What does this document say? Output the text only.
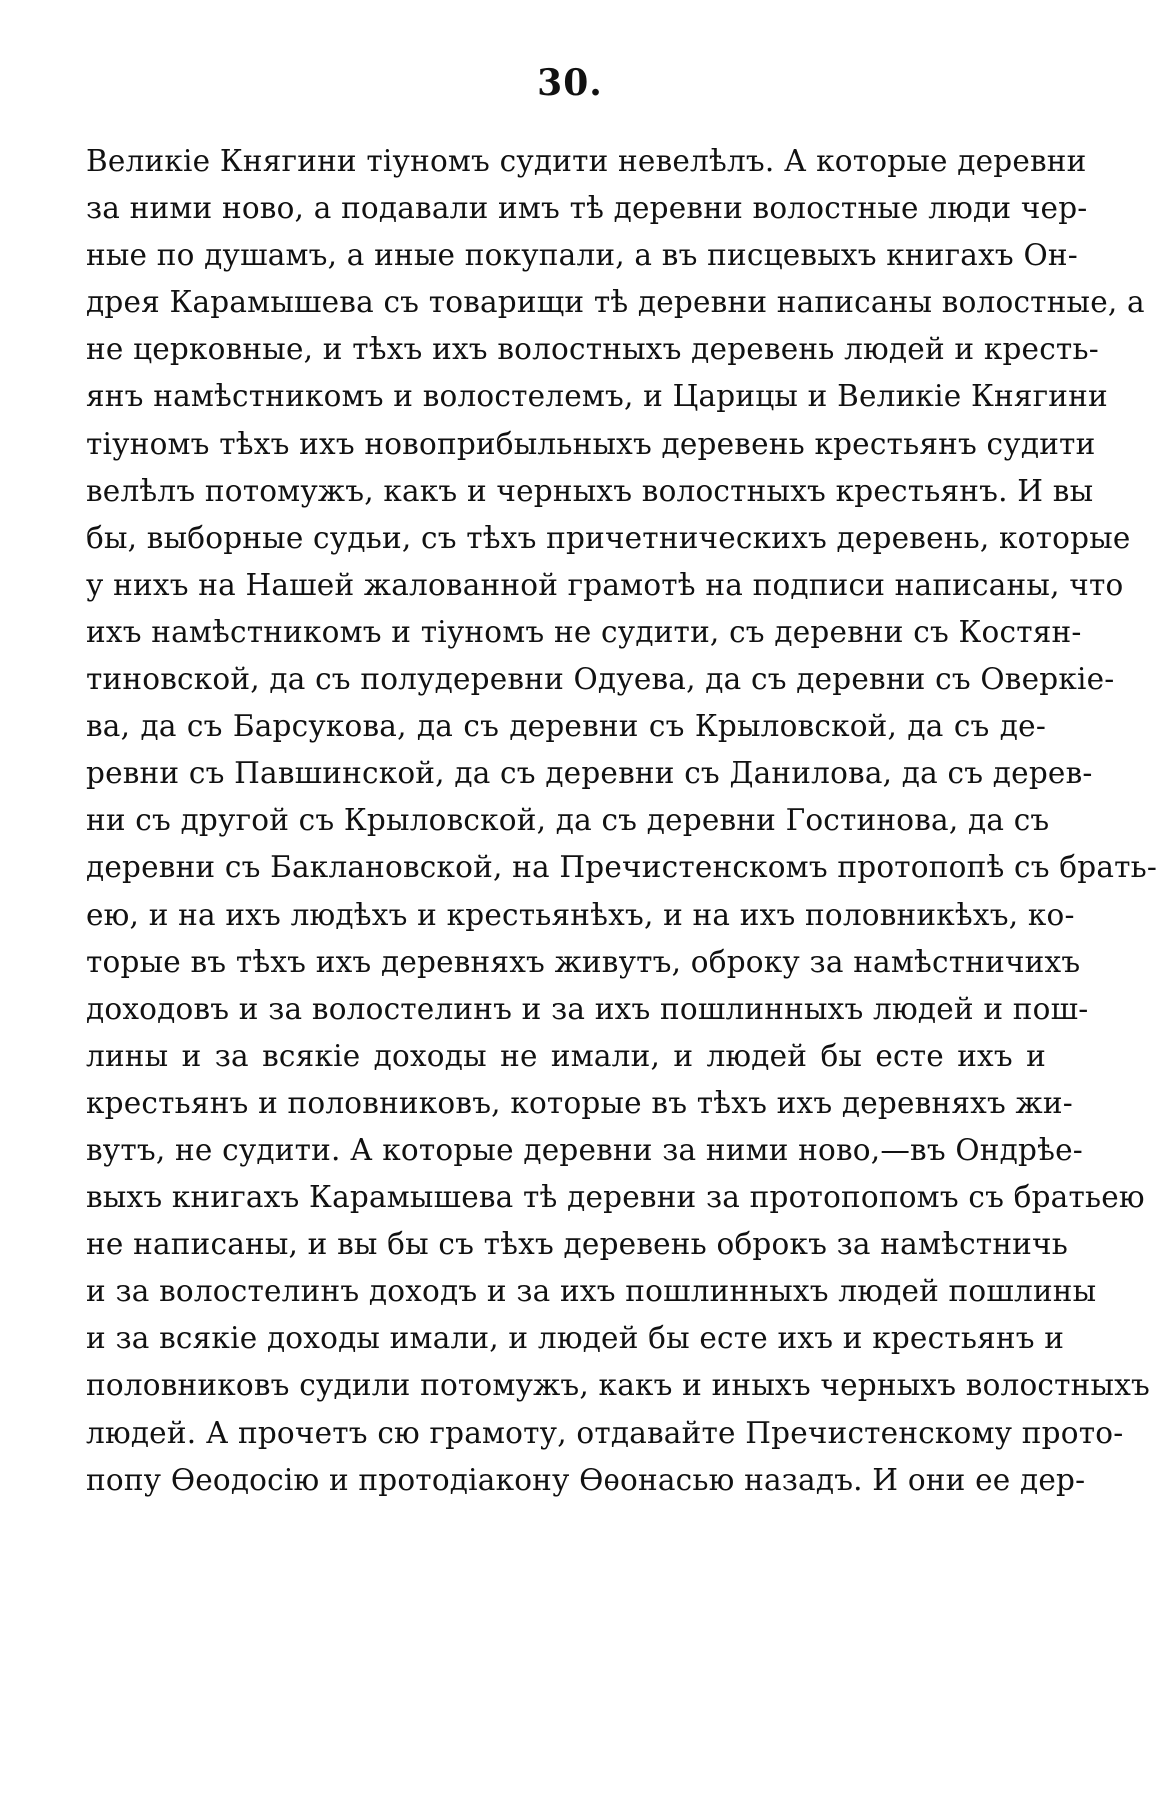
30.
Великіе Княгини тіуномъ судити невелѣлъ. А которые деревни
за ними ново, а подавали имъ тѣ деревни волостные люди чер-
ные по душамъ, а иные покупали, а въ писцевыхъ книгахъ Он-
дрея Карамышева съ товарищи тѣ деревни написаны волостные, а
не церковные, и тѣхъ ихъ волостныхъ деревень людей и кресть-
янъ намѣстникомъ и волостелемъ, и Царицы и Великіе Княгини
тіуномъ тѣхъ ихъ новоприбыльныхъ деревень крестьянъ судити
велѣлъ потомужъ, какъ и черныхъ волостныхъ крестьянъ. И вы
бы, выборные судьи, съ тѣхъ причетническихъ деревень, которые
у нихъ на Нашей жалованной грамотѣ на подписи написаны, что
ихъ намѣстникомъ и тіуномъ не судити, съ деревни съ Костян-
тиновской, да съ полудеревни Одуева, да съ деревни съ Оверкіе-
ва, да съ Барсукова, да съ деревни съ Крыловской, да съ де-
ревни съ Павшинской, да съ деревни съ Данилова, да съ дерев-
ни съ другой съ Крыловской, да съ деревни Гостинова, да съ
деревни съ Баклановской, на Пречистенскомъ протопопѣ съ брать-
ею, и на ихъ людѣхъ и крестьянѣхъ, и на ихъ половникѣхъ, ко-
торые въ тѣхъ ихъ деревняхъ живутъ, оброку за намѣстничихъ
доходовъ и за волостелинъ и за ихъ пошлинныхъ людей и пош-
лины и за всякіе доходы не имали, и людей бы есте ихъ и
крестьянъ и половниковъ, которые въ тѣхъ ихъ деревняхъ жи-
вутъ, не судити. А которые деревни за ними ново,—въ Ондрѣе-
выхъ книгахъ Карамышева тѣ деревни за протопопомъ съ братьею
не написаны, и вы бы съ тѣхъ деревень оброкъ за намѣстничь
и за волостелинъ доходъ и за ихъ пошлинныхъ людей пошлины
и за всякіе доходы имали, и людей бы есте ихъ и крестьянъ и
половниковъ судили потомужъ, какъ и иныхъ черныхъ волостныхъ
людей. А прочетъ сю грамоту, отдавайте Пречистенскому прото-
попу Ѳеодосію и протодіакону Ѳѳонасью назадъ. И они ее дер-
